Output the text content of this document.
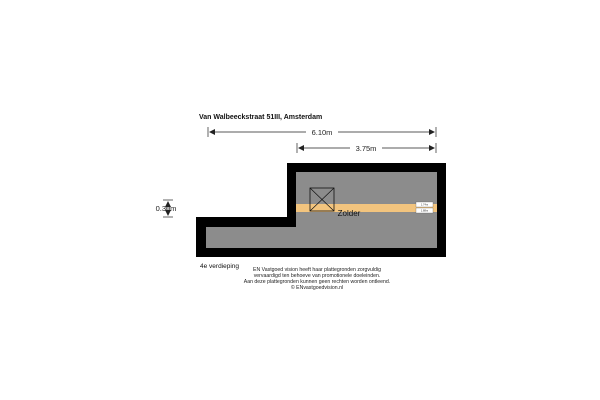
Van Walbeeckstraat 51III, Amsterdam
6.10m
3.75m
0.30m	1.74m
1.88m
Zolder
4e verdieping	EN Vastgoed vision heeft haar plattegronden zorgvuldig
vervaardigd ten behoeve van promotionele doeleinden.
Aan deze plattegronden kunnen geen rechten worden ontleend.
© ENvastgoedvision.nl
